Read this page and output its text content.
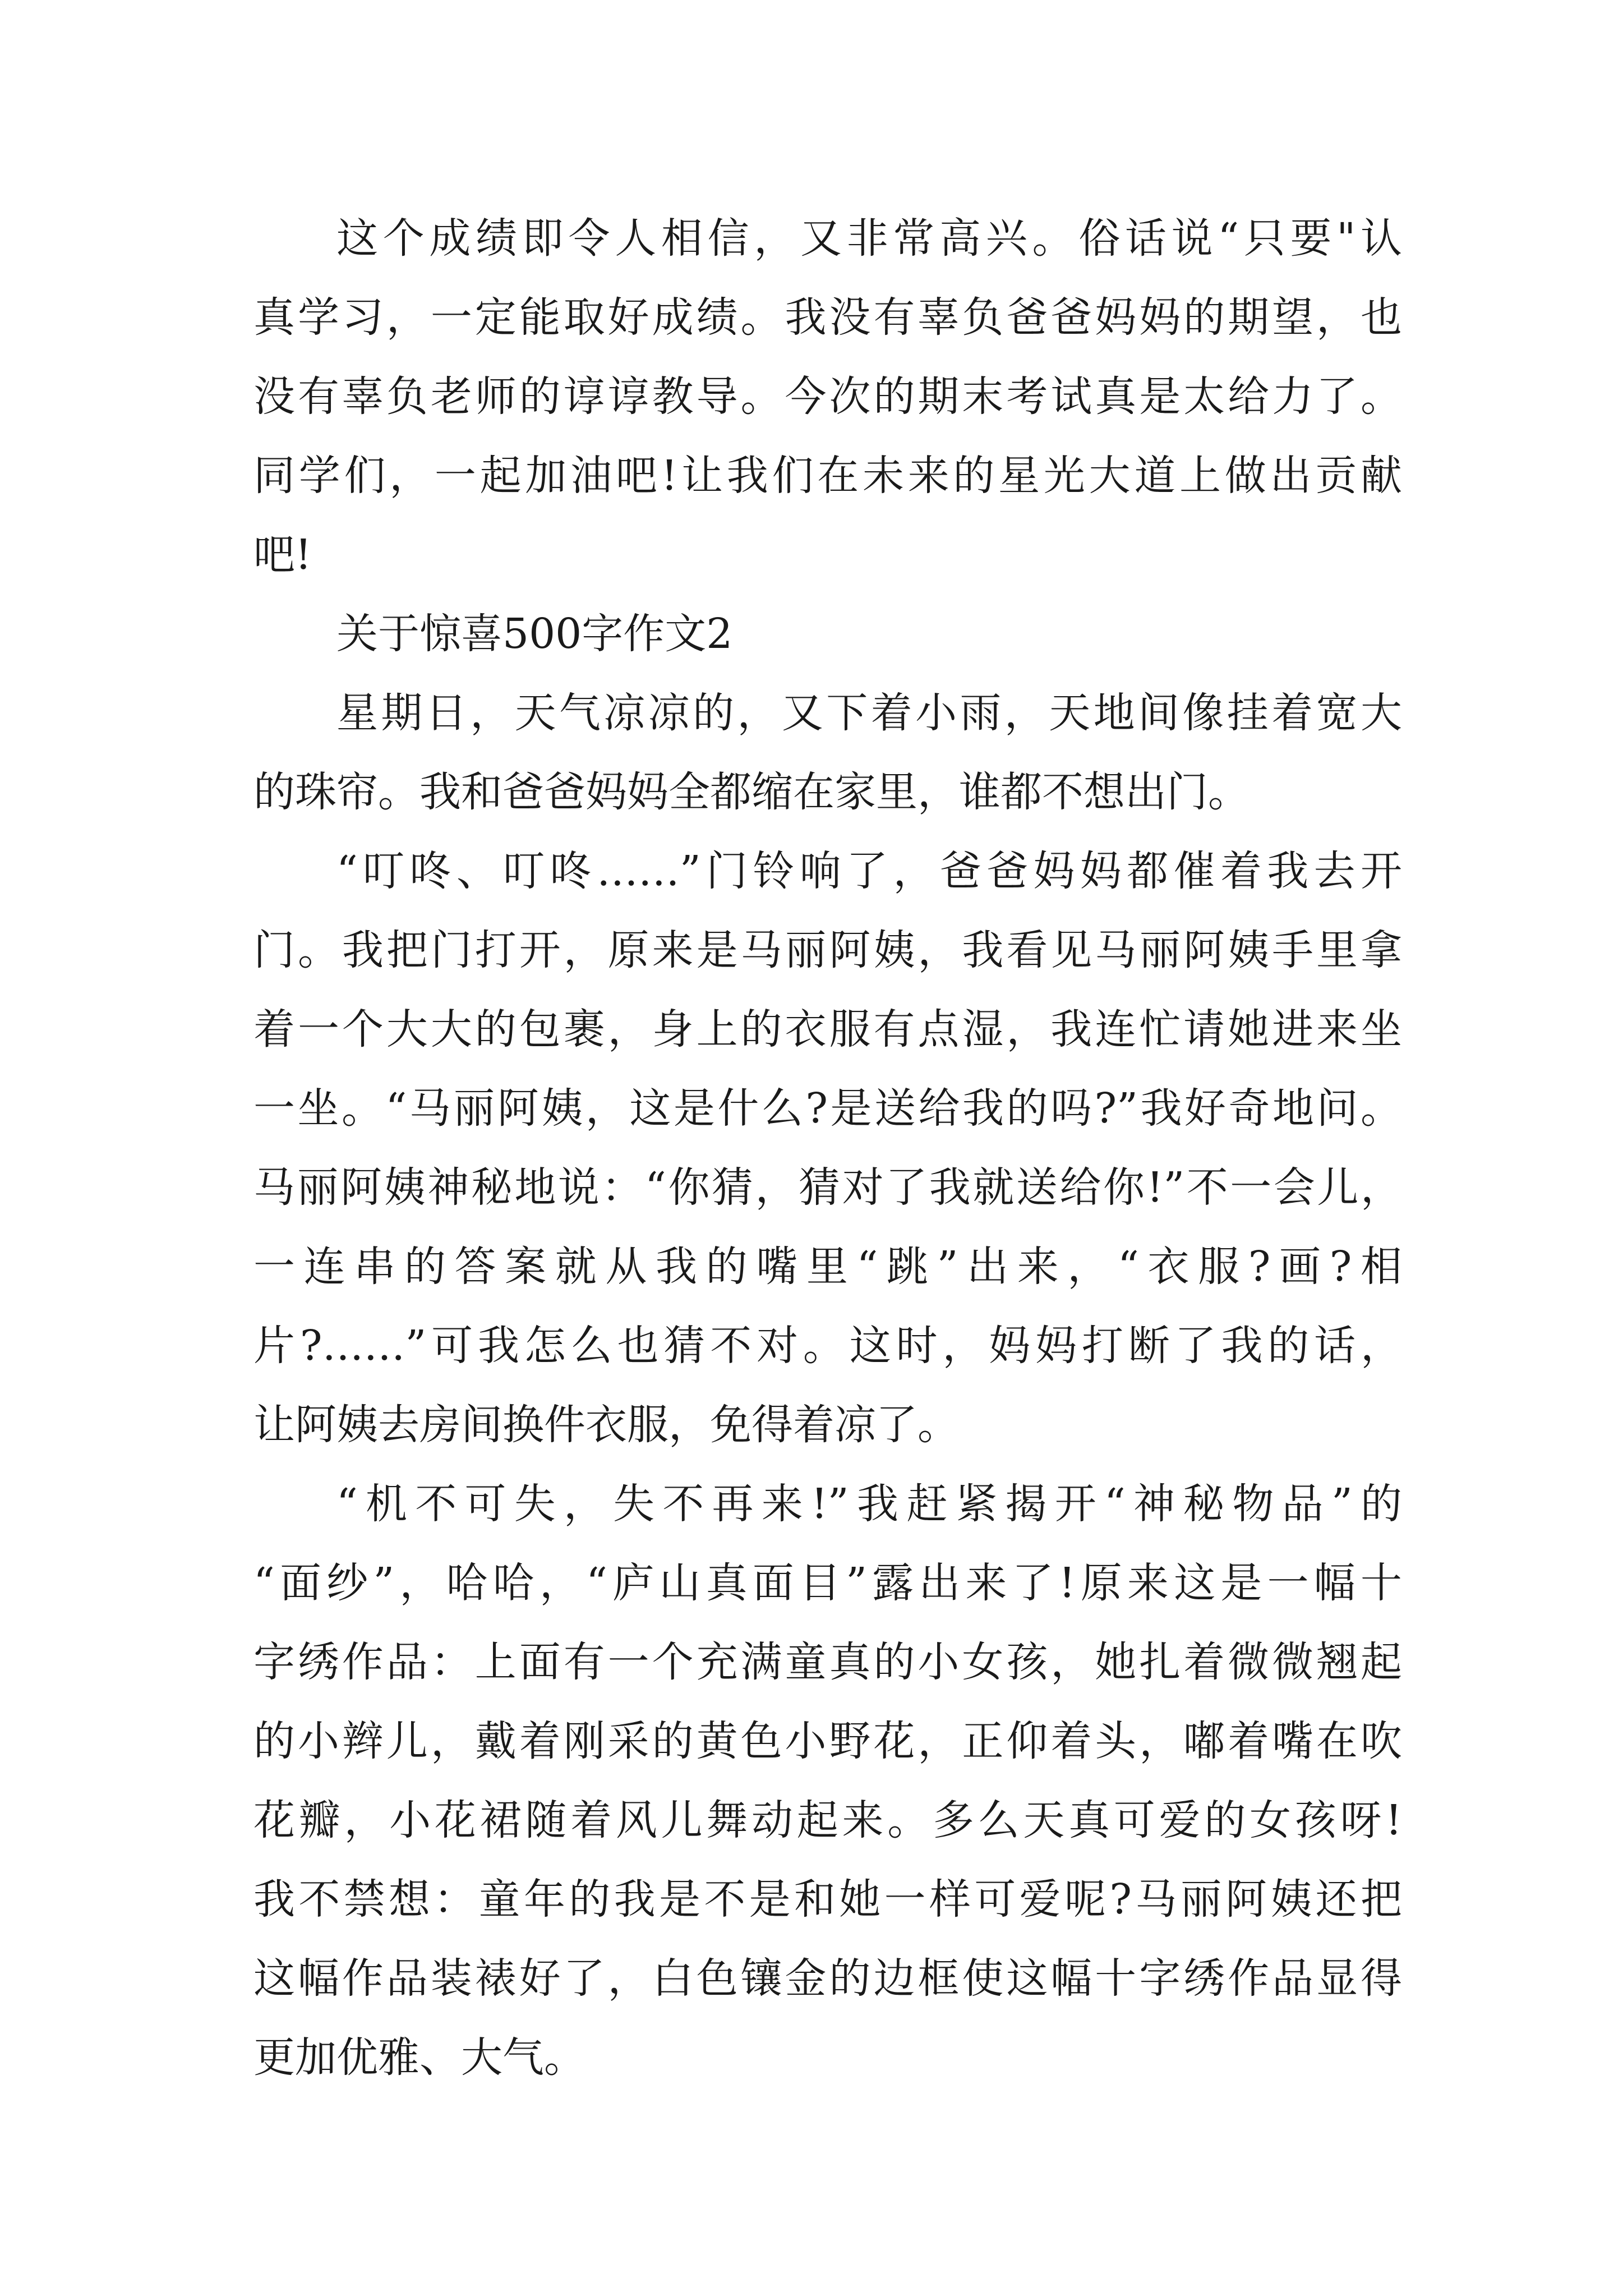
这个成绩即令人相信，又非常高兴。俗话说“只要"认
真学习，一定能取好成绩。我没有辜负爸爸妈妈的期望，也
没有辜负老师的谆谆教导。今次的期末考试真是太给力了。
同学们，一起加油吧!让我们在未来的星光大道上做出贡献
吧!
关于惊喜500字作文2
星期日，天气凉凉的，又下着小雨，天地间像挂着宽大
的珠帘。我和爸爸妈妈全都缩在家里，谁都不想出门。
“叮咚、叮咚……”门铃响了，爸爸妈妈都催着我去开
门。我把门打开，原来是马丽阿姨，我看见马丽阿姨手里拿
着一个大大的包裹，身上的衣服有点湿，我连忙请她进来坐
一坐。“马丽阿姨，这是什么?是送给我的吗?”我好奇地问。
马丽阿姨神秘地说：“你猜，猜对了我就送给你!”不一会儿，
一连串的答案就从我的嘴里“跳”出来，“衣服?画?相
片?……”可我怎么也猜不对。这时，妈妈打断了我的话，
让阿姨去房间换件衣服，免得着凉了。
“机不可失，失不再来!”我赶紧揭开“神秘物品”的
“面纱”，哈哈，“庐山真面目”露出来了!原来这是一幅十
字绣作品：上面有一个充满童真的小女孩，她扎着微微翘起
的小辫儿，戴着刚采的黄色小野花，正仰着头，嘟着嘴在吹
花瓣，小花裙随着风儿舞动起来。多么天真可爱的女孩呀!
我不禁想：童年的我是不是和她一样可爱呢?马丽阿姨还把
这幅作品装裱好了，白色镶金的边框使这幅十字绣作品显得
更加优雅、大气。
